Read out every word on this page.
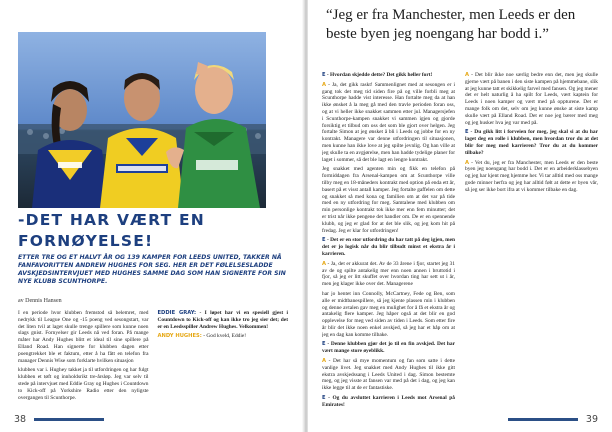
-DET HAR VÆRT EN FORNØYELSE!

ETTER TRE OG ET HALVT ÅR OG 139 KAMPER FOR LEEDS UNITED, TAKKER NÅ FANFAVORITTEN ANDREW HUGHES FOR SEG. HER ER DET FØLELSESLADDE AVSKJEDSINTERVJUET MED HUGHES SAMME DAG SOM HAN SIGNERTE FOR SIN NYE KLUBB SCUNTHORPE.

av Dennis Hansen

I en periode hvor klubben fremstod så belemret, med nedrykk til League One og -15 poeng ved sesongstart, var det liten tvil at laget skulle trenge spillere som kunne noen slags gnist. Fornyelser gir Leeds nå ved foran. På mange måter har Andy Hughes blitt et ideal til sine spillere på Elland Road. Han signerte for klubben dagen etter poengtrekket ble et faktum, etter å ha fått en telefon fra manager Dennis Wise som forklarte hvilken situasjon

klubben var i. Hughey takket ja til utfordringen og har fulgt klubben et tøft og innholdsrikt tre-årsløp. Jeg var selv til stede på intervjuet med Eddie Gray og Hughes i Countdown to Kick-off på Yorkshire Radio etter den nyligste overgangen til Scunthorpe.

EDDIE GRAY: - I løpet har vi en spesiell gjest i Countdown to Kick-off og kan ikke tro jeg sier det; det er en Leedsspiller Andrew Hughes. Velkommen!

ANDY HUGHES: - God kveld, Eddie!

38

“Jeg er fra Manchester, men Leeds er den beste byen jeg noengang har bodd i.”

E - Hvordan skjedde dette? Det gikk heller fort!

A - Ja, det gikk raskt! Sammenlignet med at sesongen er i gang tok det meg tid siden fire på og ville forbli meg at Scunthorpe hadde vist interesse. Han fortalte meg da at han ikke ønsket å la meg gå med den travle perioden foran oss, og at vi heller ikke snakket sammen etter jul. Managersjefen i Scunthorpe-kampen snakket vi sammen igjen og gjorde forsiktig et tilbud om oss det som ble gjort over helgen. Jeg fortalte Simon at jeg ønsket å bli i Leeds og jobbe for en ny kontrakt. Managere var denne utfordringen til situasjonen, men kunne han ikke love at jeg spilte jevnlig. Og han ville at jeg skulle ta en avgjørelse, men han hadde tydelige planer for laget i sommer, så det ble lagt en lengre kontrakt.

Jeg snakket med agenten min og fikk en telefon på formiddagen fra Arsenal-kampen om at Scunthorpe ville tilby meg en 18-måneders kontrakt med option på enda ett år, basert på et visst antall kamper. Jeg fortalte gaffelen om dette og snakket så med kona og familien om at det var på tide med en ny utfordring for meg. Samtalene med klubben om min personlige kontrakt tok ikke mer enn fem minutter; det er trist når ikke pengene det handler om. De er en spennende klubb, og jeg er glad for at det ble slik, og jeg kom hit på fredag. Jeg er klar for utfordringen!

E - Det er en stor utfordring du har tatt på deg igjen, men det er jo logisk når du blir tilbudt minst et ekstra år i karrieren.

A - Ja, det er akkurat det. Av de 33 årene i fjor, startet jeg 31 av de og spilte antakelig mer enn noen annen i bruttotid i fjor, så jeg er litt skuffet over hvordan ting har sett ut i år, men jeg klager ikke over det. Managerene

har jo hentet inn Connolly, McCartney, Fede og Ben, som alle er midtbanespillere, så jeg kjente plassen min i klubben og denne avtalen gav meg en mulighet for å få et ekstra år og antakelig flere kamper. Jeg håper også at det blir en god opplevelse for meg ved siden av tiden i Leeds. Som etter fire år blir det ikke noen enkel avskjed, så jeg har et håp om at jeg en dag kan komme tilbake.

E - Denne klubben gjør det jo til en fin avskjed. Det har vært mange store øyeblikk.

A - Det har så mye momentum og fan som satte i dette vanlige livet. Jeg snakket med Andy Hughes til ikke gitt ekstra avskjedssang i Leeds United i dag. Simon bestemte meg, og jeg visste at fansen var med på det i dag, og jeg kan ikke legge til at de er fantastiske.

E - Og du avsluttet karrieren i Leeds mot Arsenal på Emirates!

A - Det blir ikke noe særlig bedre enn det, men jeg skulle gjerne vært på banen i den siste kampen på hjemmebane, slik at jeg kunne tatt et skikkelig farvel med fansen. Og jeg mener det er helt naturlig å ha spilt for Leeds, vært kaptein for Leeds i noen kamper og vært med på oppturene. Det er mange folk om det, selv om jeg kunne ønske at siste kamp skulle vært på Elland Road. Det er noe jeg bærer med meg og jeg husker hva jeg var med på.

E - Du gikk litt i forveien for meg, jeg skal si at du har laget deg en rolle i klubben, men hvordan tror du at det blir for meg med karrieren? Tror du at du kommer tilbake?

A - Vet du, jeg er fra Manchester, men Leeds er den beste byen jeg noengang har bodd i. Det er en arbeiderklassebyen og jeg har kjent meg hjemme her. Vi tar alltid med oss mange gode minner herfra og jeg har alltid følt at dette er byen vår, så jeg ser ikke bort ifra at vi kommer tilbake en dag.

39
